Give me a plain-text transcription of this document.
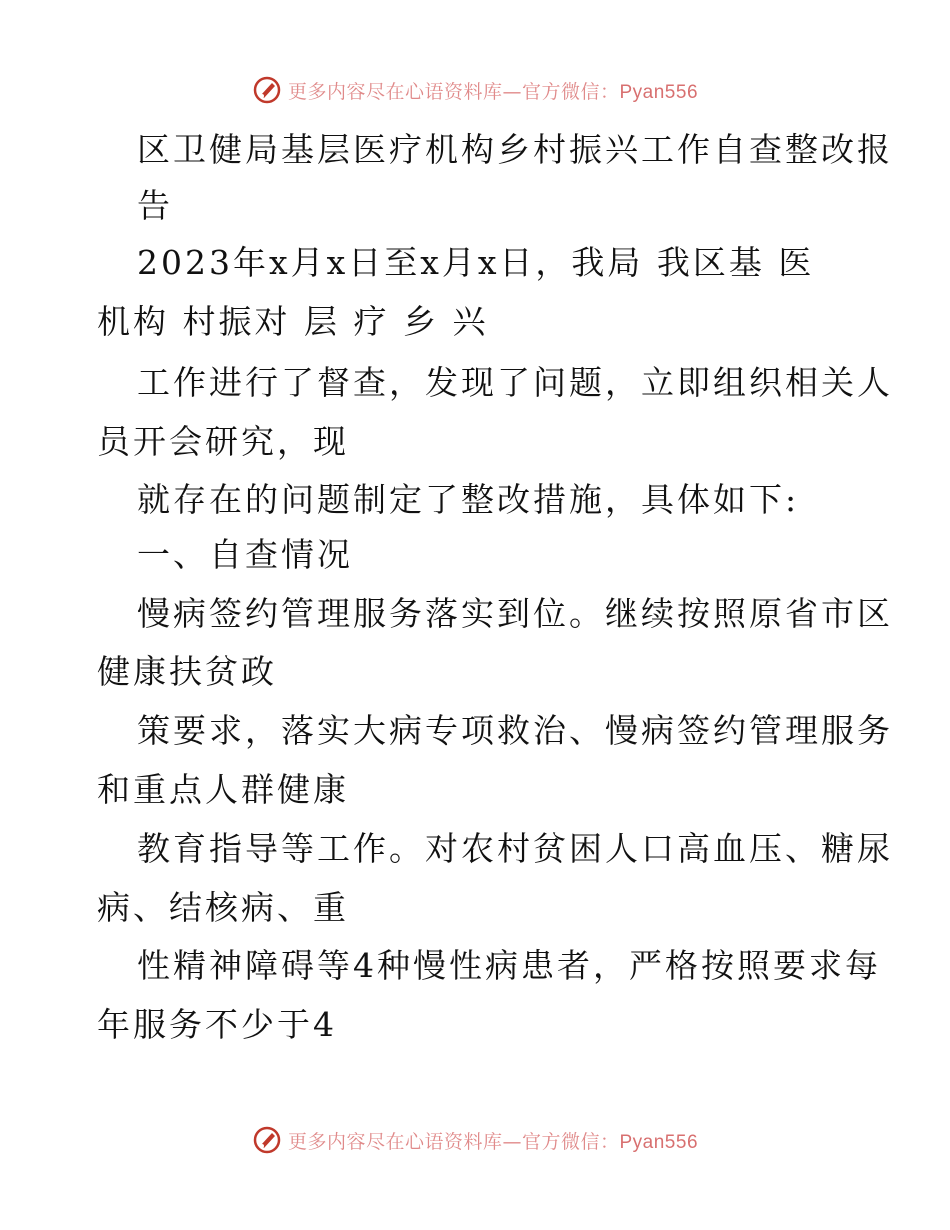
更多内容尽在心语资料库—官方微信：Pyan556
区卫健局基层医疗机构乡村振兴工作自查整改报
告
2023年x月x日至x月x日，我局 我区基 医
机构 村振对 层 疗 乡 兴
工作进行了督查，发现了问题，立即组织相关人
员开会研究，现
就存在的问题制定了整改措施，具体如下:
一、自查情况
慢病签约管理服务落实到位。继续按照原省市区
健康扶贫政
策要求，落实大病专项救治、慢病签约管理服务
和重点人群健康
教育指导等工作。对农村贫困人口高血压、糖尿
病、结核病、重
性精神障碍等4种慢性病患者，严格按照要求每
年服务不少于4
更多内容尽在心语资料库—官方微信：Pyan556
